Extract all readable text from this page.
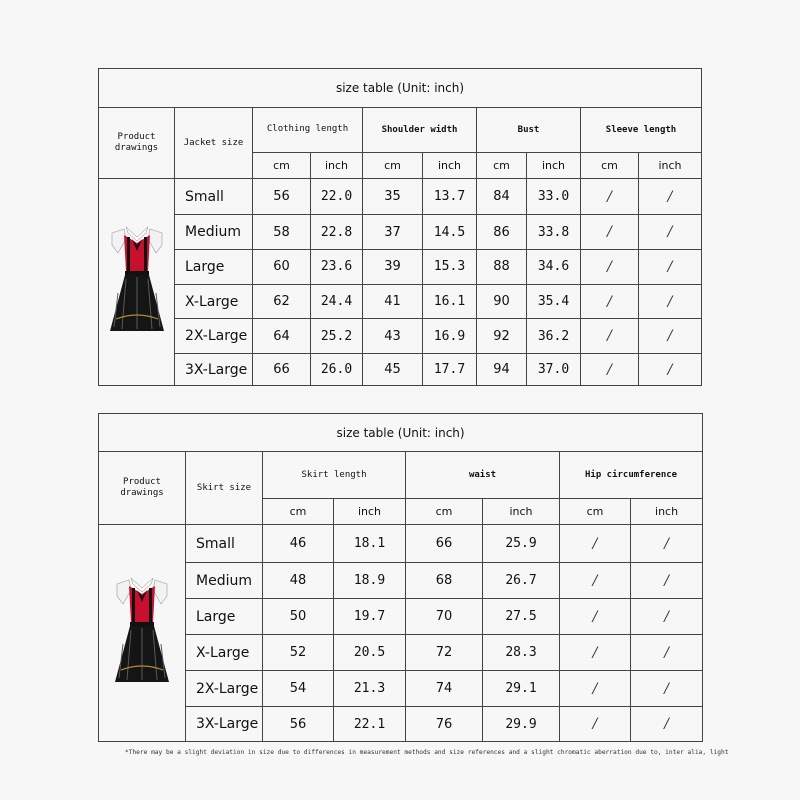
size table (Unit: inch)									
Product drawings	Jacket size	Clothing length		Shoulder width		Bust		Sleeve length	
		cm	inch	cm	inch	cm	inch	cm	inch

	Small	56	22.0	35	13.7	84	33.0	/	/
	Medium	58	22.8	37	14.5	86	33.8	/	/
	Large	60	23.6	39	15.3	88	34.6	/	/
	X-Large	62	24.4	41	16.1	90	35.4	/	/
	2X-Large	64	25.2	43	16.9	92	36.2	/	/
	3X-Large	66	26.0	45	17.7	94	37.0	/	/
size table (Unit: inch)							
Product drawings	Skirt size	Skirt length		waist		Hip circumference	
		cm	inch	cm	inch	cm	inch

	Small	46	18.1	66	25.9	/	/
	Medium	48	18.9	68	26.7	/	/
	Large	50	19.7	70	27.5	/	/
	X-Large	52	20.5	72	28.3	/	/
	2X-Large	54	21.3	74	29.1	/	/
	3X-Large	56	22.1	76	29.9	/	/
*There may be a slight deviation in size due to differences in measurement methods and size references and a slight chromatic aberration due to, inter alia, light
